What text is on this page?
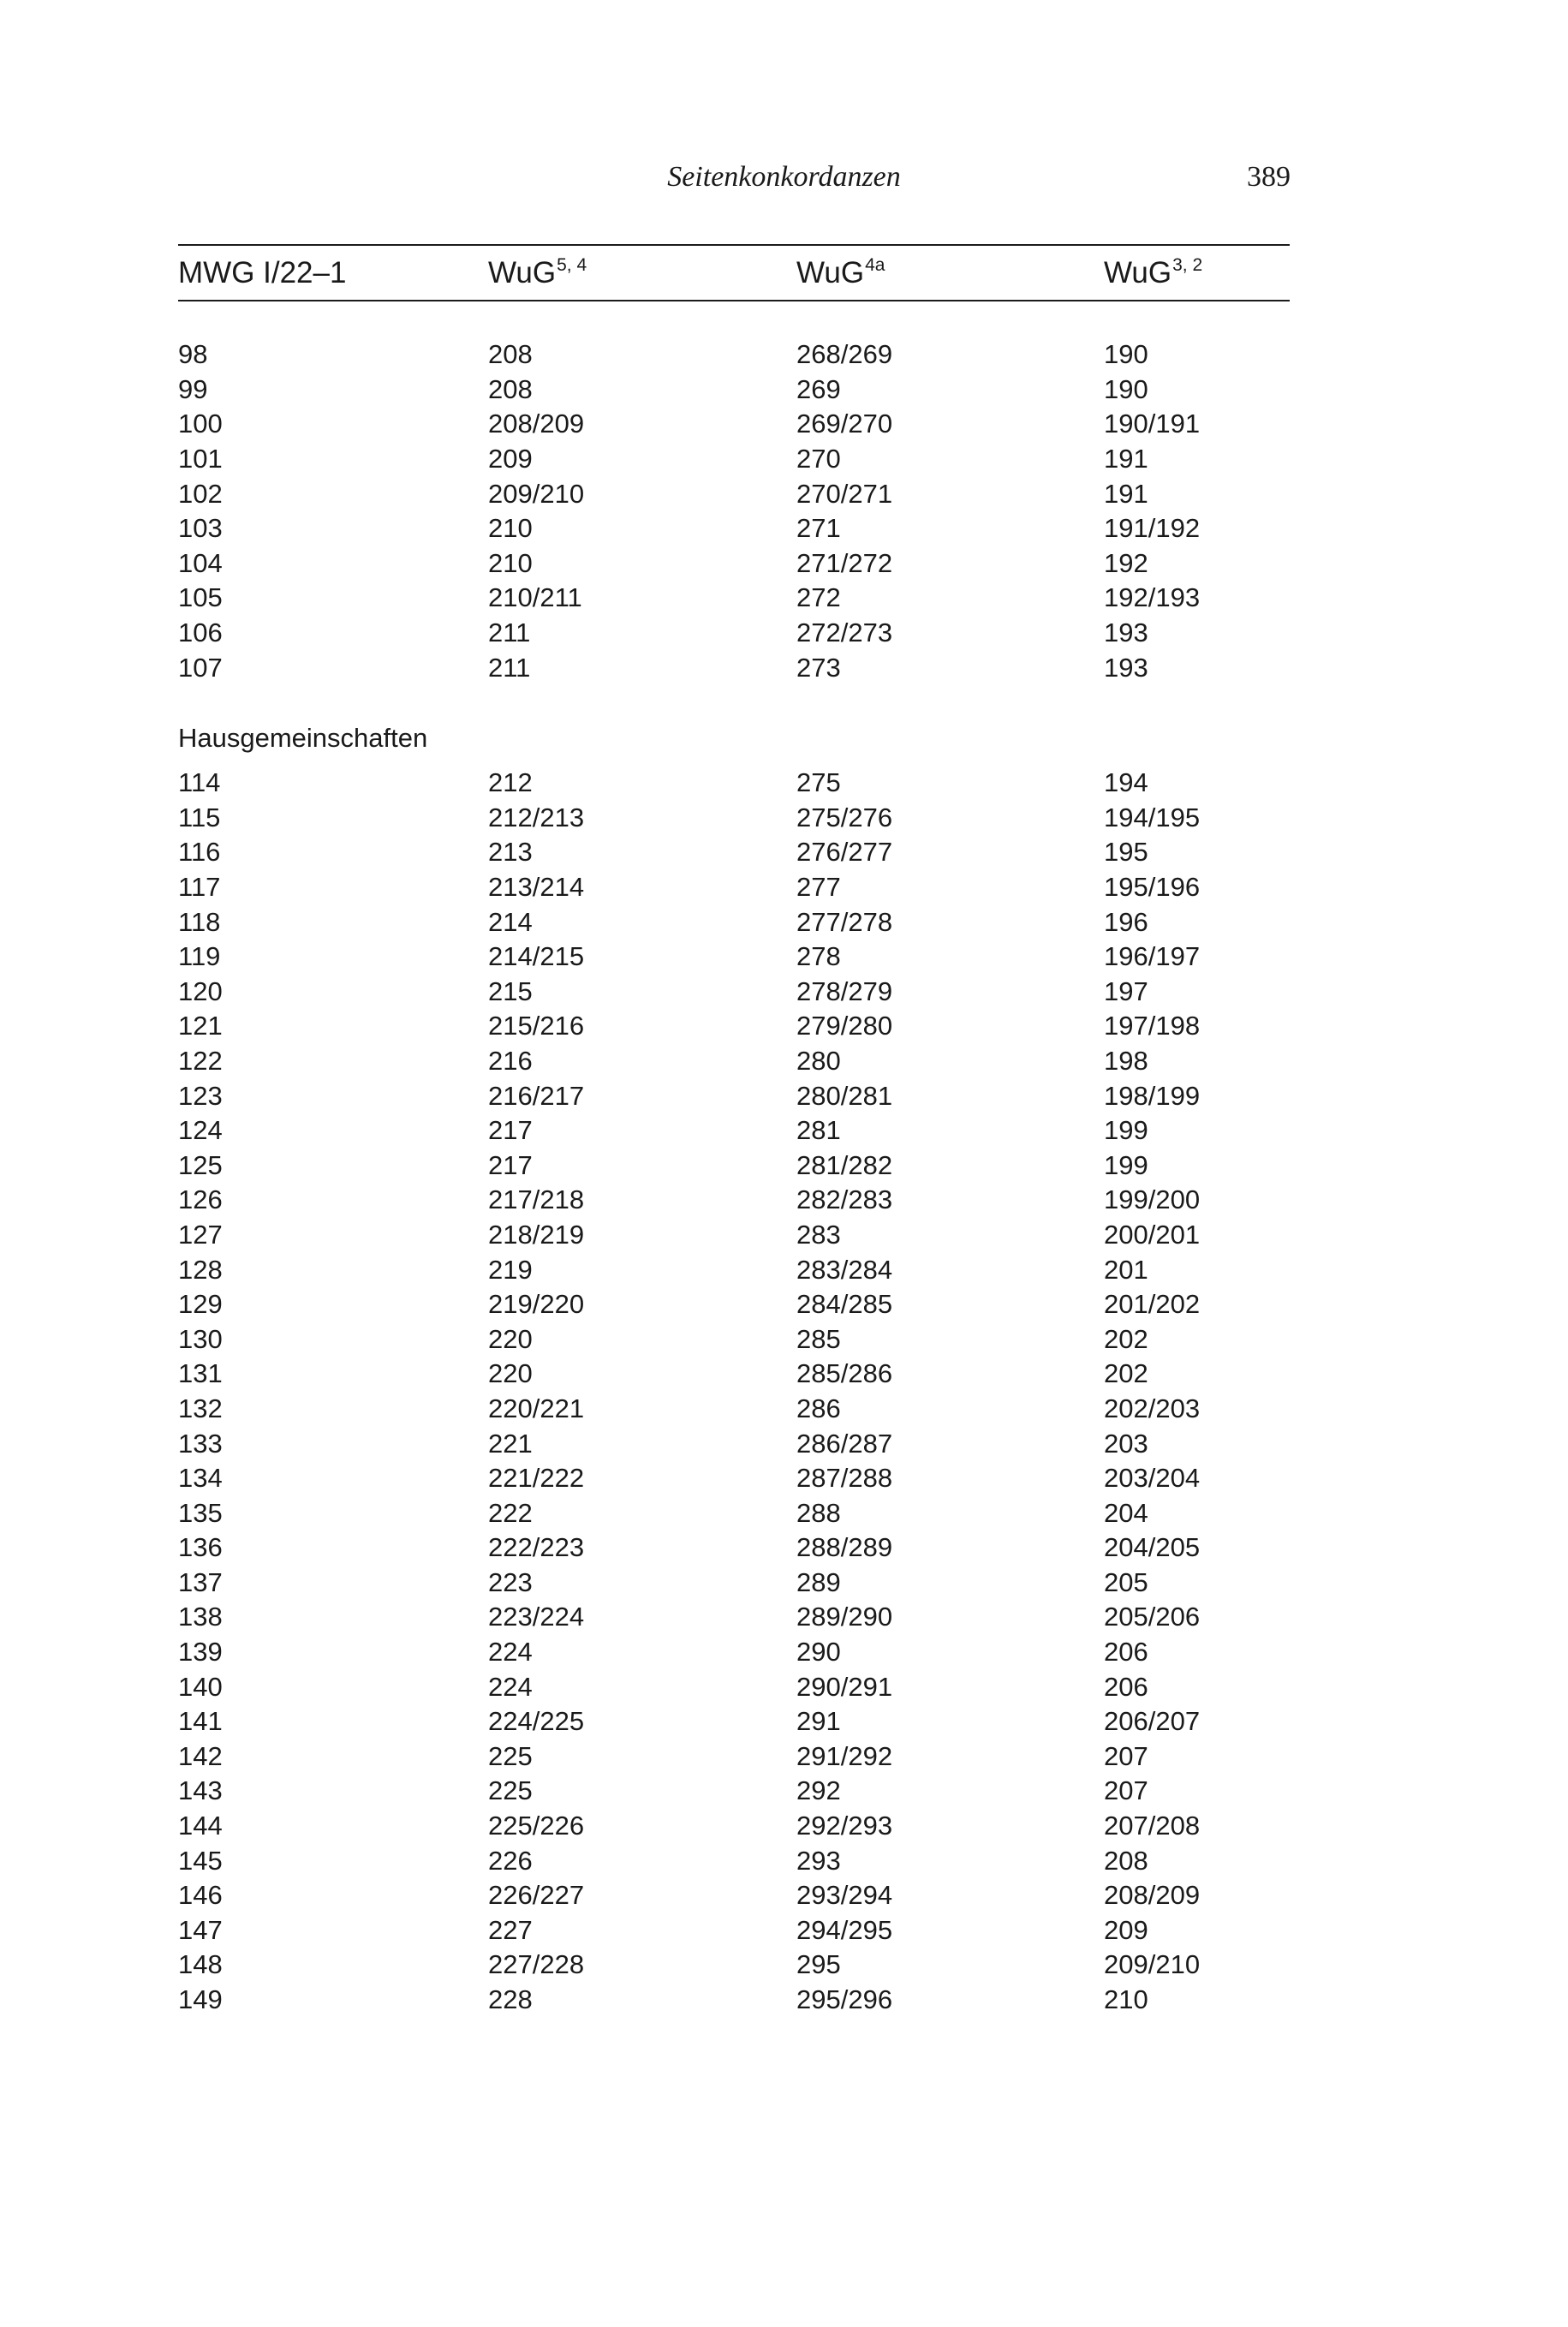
Seitenkonkordanzen	389
MWG I/22–1	WuG$^{5, 4}$	WuG$^{4a}$	WuG$^{3, 2}$
98	208	268/269	190
99	208	269	190
100	208/209	269/270	190/191
101	209	270	191
102	209/210	270/271	191
103	210	271	191/192
104	210	271/272	192
105	210/211	272	192/193
106	211	272/273	193
107	211	273	193
Hausgemeinschaften
114	212	275	194
115	212/213	275/276	194/195
116	213	276/277	195
117	213/214	277	195/196
118	214	277/278	196
119	214/215	278	196/197
120	215	278/279	197
121	215/216	279/280	197/198
122	216	280	198
123	216/217	280/281	198/199
124	217	281	199
125	217	281/282	199
126	217/218	282/283	199/200
127	218/219	283	200/201
128	219	283/284	201
129	219/220	284/285	201/202
130	220	285	202
131	220	285/286	202
132	220/221	286	202/203
133	221	286/287	203
134	221/222	287/288	203/204
135	222	288	204
136	222/223	288/289	204/205
137	223	289	205
138	223/224	289/290	205/206
139	224	290	206
140	224	290/291	206
141	224/225	291	206/207
142	225	291/292	207
143	225	292	207
144	225/226	292/293	207/208
145	226	293	208
146	226/227	293/294	208/209
147	227	294/295	209
148	227/228	295	209/210
149	228	295/296	210
